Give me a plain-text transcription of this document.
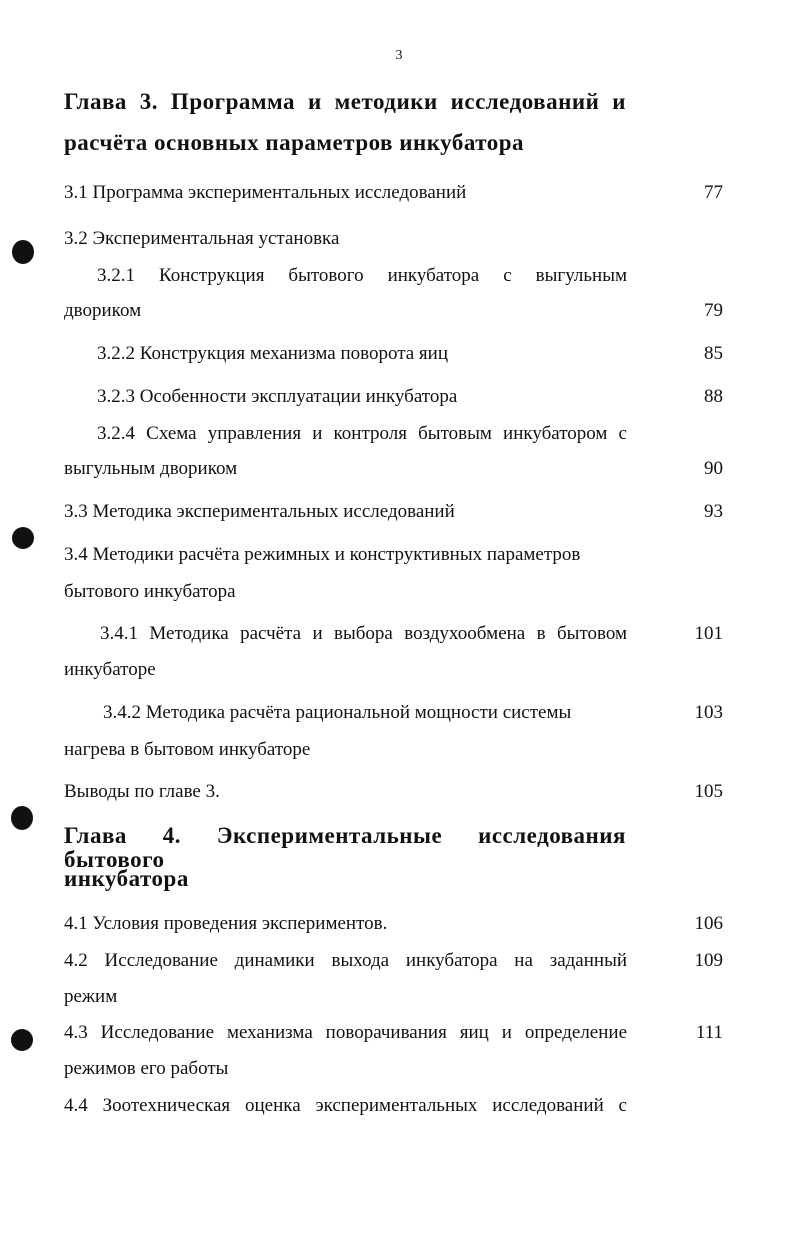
3
Глава 3. Программа и методики исследований и
расчёта основных параметров инкубатора
3.1 Программа экспериментальных исследований	77
3.2 Экспериментальная установка
3.2.1 Конструкция бытового инкубатора с выгульным
двориком	79
3.2.2 Конструкция механизма поворота яиц	85
3.2.3 Особенности эксплуатации инкубатора	88
3.2.4 Схема управления и контроля бытовым инкубатором с
выгульным двориком	90
3.3 Методика экспериментальных исследований	93
3.4 Методики расчёта режимных и конструктивных параметров
бытового инкубатора
3.4.1 Методика расчёта и выбора воздухообмена в бытовом	101
инкубаторе
3.4.2 Методика расчёта рациональной мощности системы	103
нагрева в бытовом инкубаторе
Выводы по главе 3.	105
Глава 4. Экспериментальные исследования бытового
инкубатора
4.1 Условия проведения экспериментов.	106
4.2 Исследование динамики выхода инкубатора на заданный	109
режим
4.3 Исследование механизма поворачивания яиц и определение	111
режимов его работы
4.4 Зоотехническая оценка экспериментальных исследований с
